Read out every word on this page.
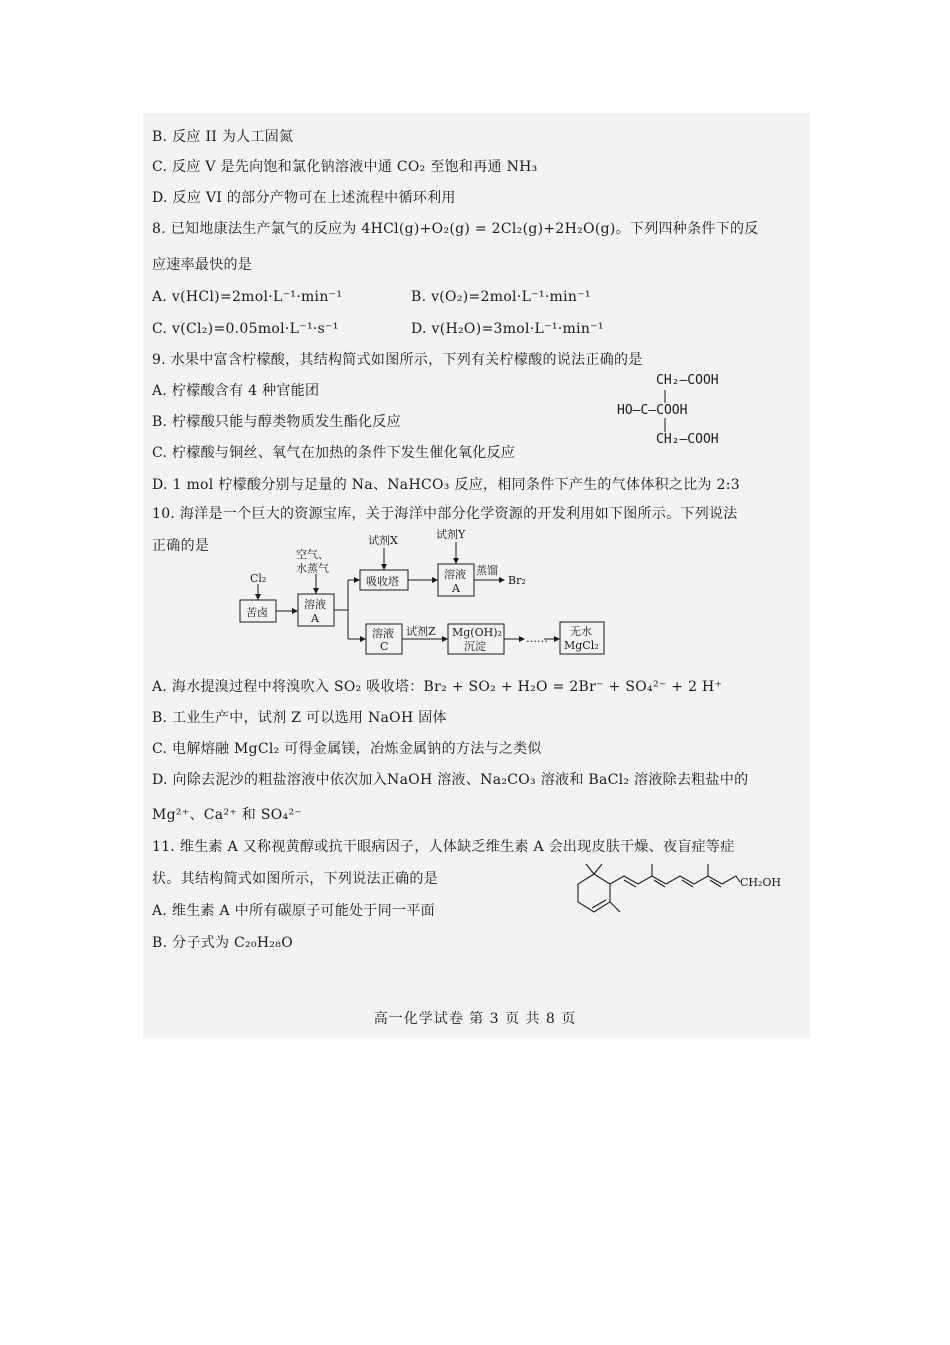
B. 反应 II 为人工固氮
C. 反应 V 是先向饱和氯化钠溶液中通 CO₂ 至饱和再通 NH₃
D. 反应 VI 的部分产物可在上述流程中循环利用
8. 已知地康法生产氯气的反应为 4HCl(g)+O₂(g) = 2Cl₂(g)+2H₂O(g)。下列四种条件下的反
应速率最快的是
A. v(HCl)=2mol·L⁻¹·min⁻¹	B. v(O₂)=2mol·L⁻¹·min⁻¹
C. v(Cl₂)=0.05mol·L⁻¹·s⁻¹	D. v(H₂O)=3mol·L⁻¹·min⁻¹
9. 水果中富含柠檬酸，其结构简式如图所示，下列有关柠檬酸的说法正确的是
A. 柠檬酸含有 4 种官能团
B. 柠檬酸只能与醇类物质发生酯化反应
C. 柠檬酸与铜丝、氧气在加热的条件下发生催化氧化反应
D. 1 mol 柠檬酸分别与足量的 Na、NaHCO₃ 反应，相同条件下产生的气体体积之比为 2:3
CH₂—COOH
HO—C—COOH
CH₂—COOH
10. 海洋是一个巨大的资源宝库，关于海洋中部分化学资源的开发利用如下图所示。下列说法
正确的是
Cl₂
空气、
水蒸气
试剂X	试剂Y
苦卤
溶液
A
吸收塔
溶液
A
蒸馏
Br₂
溶液
C
试剂Z Mg(OH)₂
沉淀
……
无水
MgCl₂
A. 海水提溴过程中将溴吹入 SO₂ 吸收塔：Br₂ + SO₂ + H₂O = 2Br⁻ + SO₄²⁻ + 2 H⁺
B. 工业生产中，试剂 Z 可以选用 NaOH 固体
C. 电解熔融 MgCl₂ 可得金属镁，冶炼金属钠的方法与之类似
D. 向除去泥沙的粗盐溶液中依次加入NaOH 溶液、Na₂CO₃ 溶液和 BaCl₂ 溶液除去粗盐中的
Mg²⁺、Ca²⁺ 和 SO₄²⁻
11. 维生素 A 又称视黄醇或抗干眼病因子，人体缺乏维生素 A 会出现皮肤干燥、夜盲症等症
状。其结构简式如图所示，下列说法正确的是
A. 维生素 A 中所有碳原子可能处于同一平面
B. 分子式为 C₂₀H₂₈O
CH₂OH
高一化学试卷 第 3 页 共 8 页
